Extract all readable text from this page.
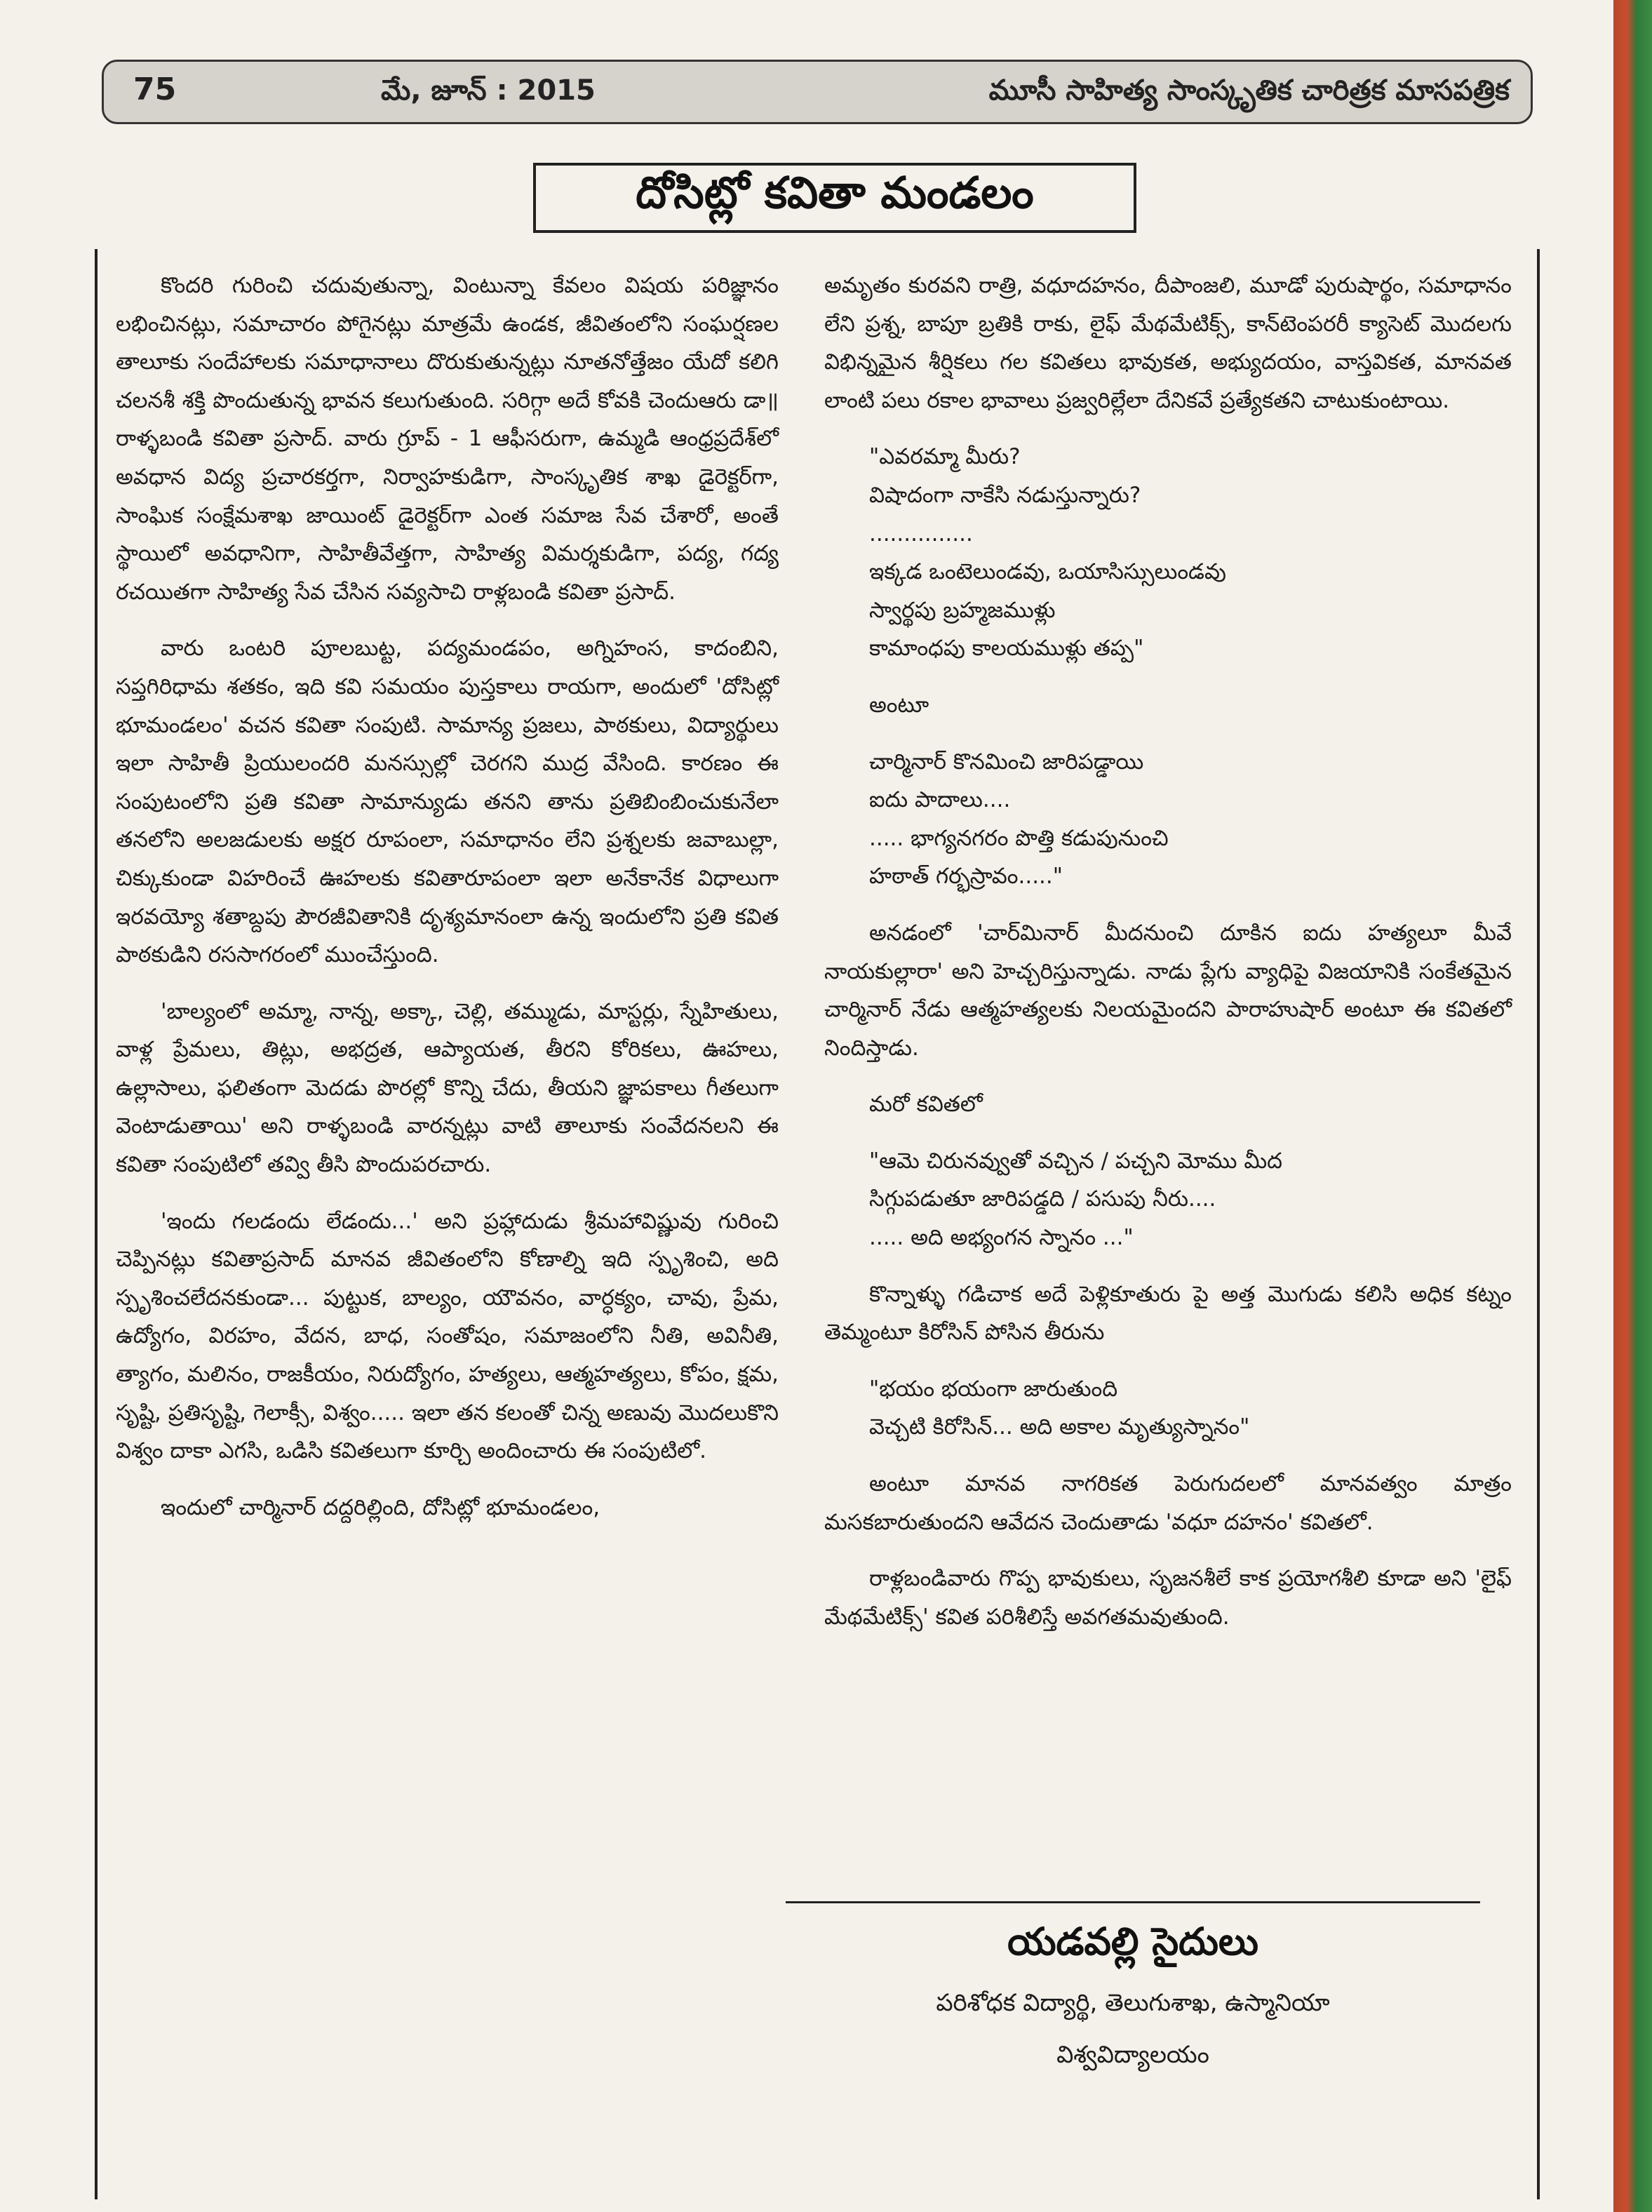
75	మే, జూన్ : 2015	మూసీ సాహిత్య సాంస్కృతిక చారిత్రక మాసపత్రిక
దోసిట్లో కవితా మండలం

కొందరి గురించి చదువుతున్నా, వింటున్నా కేవలం విషయ పరిజ్ఞానం లభించినట్లు, సమాచారం పోగైనట్లు మాత్రమే ఉండక, జీవితంలోని సంఘర్షణల తాలూకు సందేహాలకు సమాధానాలు దొరుకుతున్నట్లు నూతనోత్తేజం యేదో కలిగి చలనశీ శక్తి పొందుతున్న భావన కలుగుతుంది. సరిగ్గా అదే కోవకి చెందుఆరు డా॥ రాళ్ళబండి కవితా ప్రసాద్. వారు గ్రూప్ - 1 ఆఫీసరుగా, ఉమ్మడి ఆంధ్రప్రదేశ్‌లో అవధాన విద్య ప్రచారకర్తగా, నిర్వాహకుడిగా, సాంస్కృతిక శాఖ డైరెక్టర్‌గా, సాంఘిక సంక్షేమశాఖ జాయింట్ డైరెక్టర్‌గా ఎంత సమాజ సేవ చేశారో, అంతే స్థాయిలో అవధానిగా, సాహితీవేత్తగా, సాహిత్య విమర్శకుడిగా, పద్య, గద్య రచయితగా సాహిత్య సేవ చేసిన సవ్యసాచి రాళ్లబండి కవితా ప్రసాద్.

వారు ఒంటరి పూలబుట్ట, పద్యమండపం, అగ్నిహంస, కాదంబిని, సప్తగిరిధామ శతకం, ఇది కవి సమయం పుస్తకాలు రాయగా, అందులో 'దోసిట్లో భూమండలం' వచన కవితా సంపుటి. సామాన్య ప్రజలు, పాఠకులు, విద్యార్థులు ఇలా సాహితీ ప్రియులందరి మనస్సుల్లో చెరగని ముద్ర వేసింది. కారణం ఈ సంపుటంలోని ప్రతి కవితా సామాన్యుడు తనని తాను ప్రతిబింబించుకునేలా తనలోని అలజడులకు అక్షర రూపంలా, సమాధానం లేని ప్రశ్నలకు జవాబుల్లా, చిక్కుకుండా విహరించే ఊహలకు కవితారూపంలా ఇలా అనేకానేక విధాలుగా ఇరవయ్యో శతాబ్దపు పౌరజీవితానికి దృశ్యమానంలా ఉన్న ఇందులోని ప్రతి కవిత పాఠకుడిని రససాగరంలో ముంచేస్తుంది.

'బాల్యంలో అమ్మా, నాన్న, అక్కా, చెల్లి, తమ్ముడు, మాస్టర్లు, స్నేహితులు, వాళ్ల ప్రేమలు, తిట్లు, అభద్రత, ఆప్యాయత, తీరని కోరికలు, ఊహలు, ఉల్లాసాలు, ఫలితంగా మెదడు పొరల్లో కొన్ని చేదు, తీయని జ్ఞాపకాలు గీతలుగా వెంటాడుతాయి' అని రాళ్ళబండి వారన్నట్లు వాటి తాలూకు సంవేదనలని ఈ కవితా సంపుటిలో తవ్వి తీసి పొందుపరచారు.

'ఇందు గలడందు లేడందు...' అని ప్రహ్లాదుడు శ్రీమహావిష్ణువు గురించి చెప్పినట్లు కవితాప్రసాద్ మానవ జీవితంలోని కోణాల్ని ఇది స్పృశించి, అది స్పృశించలేదనకుండా... పుట్టుక, బాల్యం, యౌవనం, వార్ధక్యం, చావు, ప్రేమ, ఉద్యోగం, విరహం, వేదన, బాధ, సంతోషం, సమాజంలోని నీతి, అవినీతి, త్యాగం, మలినం, రాజకీయం, నిరుద్యోగం, హత్యలు, ఆత్మహత్యలు, కోపం, క్షమ, సృష్టి, ప్రతిసృష్టి, గెలాక్సీ, విశ్వం..... ఇలా తన కలంతో చిన్న అణువు మొదలుకొని విశ్వం దాకా ఎగసి, ఒడిసి కవితలుగా కూర్చి అందించారు ఈ సంపుటిలో.

ఇందులో చార్మినార్ దద్దరిల్లింది, దోసిట్లో భూమండలం,

అమృతం కురవని రాత్రి, వధూదహనం, దీపాంజలి, మూడో పురుషార్థం, సమాధానం లేని ప్రశ్న, బాపూ బ్రతికి రాకు, లైఫ్ మేథమేటిక్స్, కాన్‌టెంపరరీ క్యాసెట్ మొదలగు విభిన్నమైన శీర్షికలు గల కవితలు భావుకత, అభ్యుదయం, వాస్తవికత, మానవత లాంటి పలు రకాల భావాలు ప్రజ్వరిల్లేలా దేనికవే ప్రత్యేకతని చాటుకుంటాయి.

"ఎవరమ్మా మీరు?
విషాదంగా నాకేసి నడుస్తున్నారు?
...............
ఇక్కడ ఒంటెలుండవు, ఒయాసిస్సులుండవు
స్వార్థపు బ్రహ్మజముళ్లు
కామాంధపు కాలయముళ్లు తప్ప"
అంటూ
చార్మినార్ కొనమించి జారిపడ్డాయి
ఐదు పాదాలు....
..... భాగ్యనగరం పొత్తి కడుపునుంచి
హఠాత్ గర్భస్రావం....."

అనడంలో 'చార్‌మినార్ మీదనుంచి దూకిన ఐదు హత్యలూ మీవే నాయకుల్లారా' అని హెచ్చరిస్తున్నాడు. నాడు ప్లేగు వ్యాధిపై విజయానికి సంకేతమైన చార్మినార్ నేడు ఆత్మహత్యలకు నిలయమైందని పారాహుషార్ అంటూ ఈ కవితలో నిందిస్తాడు.

మరో కవితలో
"ఆమె చిరునవ్వుతో వచ్చిన / పచ్చని మోము మీద
సిగ్గుపడుతూ జారిపడ్డది / పసుపు నీరు....
..... అది అభ్యంగన స్నానం ..."

కొన్నాళ్ళు గడిచాక అదే పెళ్లికూతురు పై అత్త మొగుడు కలిసి అధిక కట్నం తెమ్మంటూ కిరోసిన్ పోసిన తీరును

"భయం భయంగా జారుతుంది
వెచ్చటి కిరోసిన్... అది అకాల మృత్యుస్నానం"

అంటూ మానవ నాగరికత పెరుగుదలలో మానవత్వం మాత్రం మసకబారుతుందని ఆవేదన చెందుతాడు 'వధూ దహనం' కవితలో.

రాళ్లబండివారు గొప్ప భావుకులు, సృజనశీలే కాక ప్రయోగశీలి కూడా అని 'లైఫ్ మేథమేటిక్స్' కవిత పరిశీలిస్తే అవగతమవుతుంది.

యడవల్లి సైదులు
పరిశోధక విద్యార్థి, తెలుగుశాఖ, ఉస్మానియా
విశ్వవిద్యాలయం
